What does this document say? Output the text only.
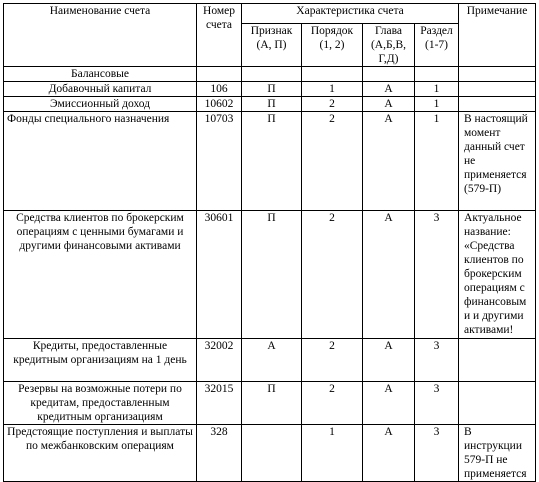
Наименование счета	Номер счета	Характеристика счета				Примечание
		Признак (А, П)	Порядок (1, 2)	Глава (А,Б,В, Г,Д)	Раздел (1-7)	
Балансовые						
Добавочный капитал	106	П	1	А	1	
Эмиссионный доход	10602	П	2	А	1	
Фонды специального назначения	10703	П	2	А	1	В настоящий момент данный счет не применяется (579-П)
Средства клиентов по брокерским операциям с ценными бумагами и другими финансовыми активами	30601	П	2	А	3	Актуальное название: «Средства клиентов по брокерским операциям с финансовым и и другими активами!
Кредиты, предоставленные кредитным организациям на 1 день	32002	А	2	А	3	
Резервы на возможные потери по кредитам, предоставленным кредитным организациям	32015	П	2	А	3	
Предстоящие поступления и выплаты по межбанковским операциям	328		1	А	3	В инструкции 579-П не применяется
